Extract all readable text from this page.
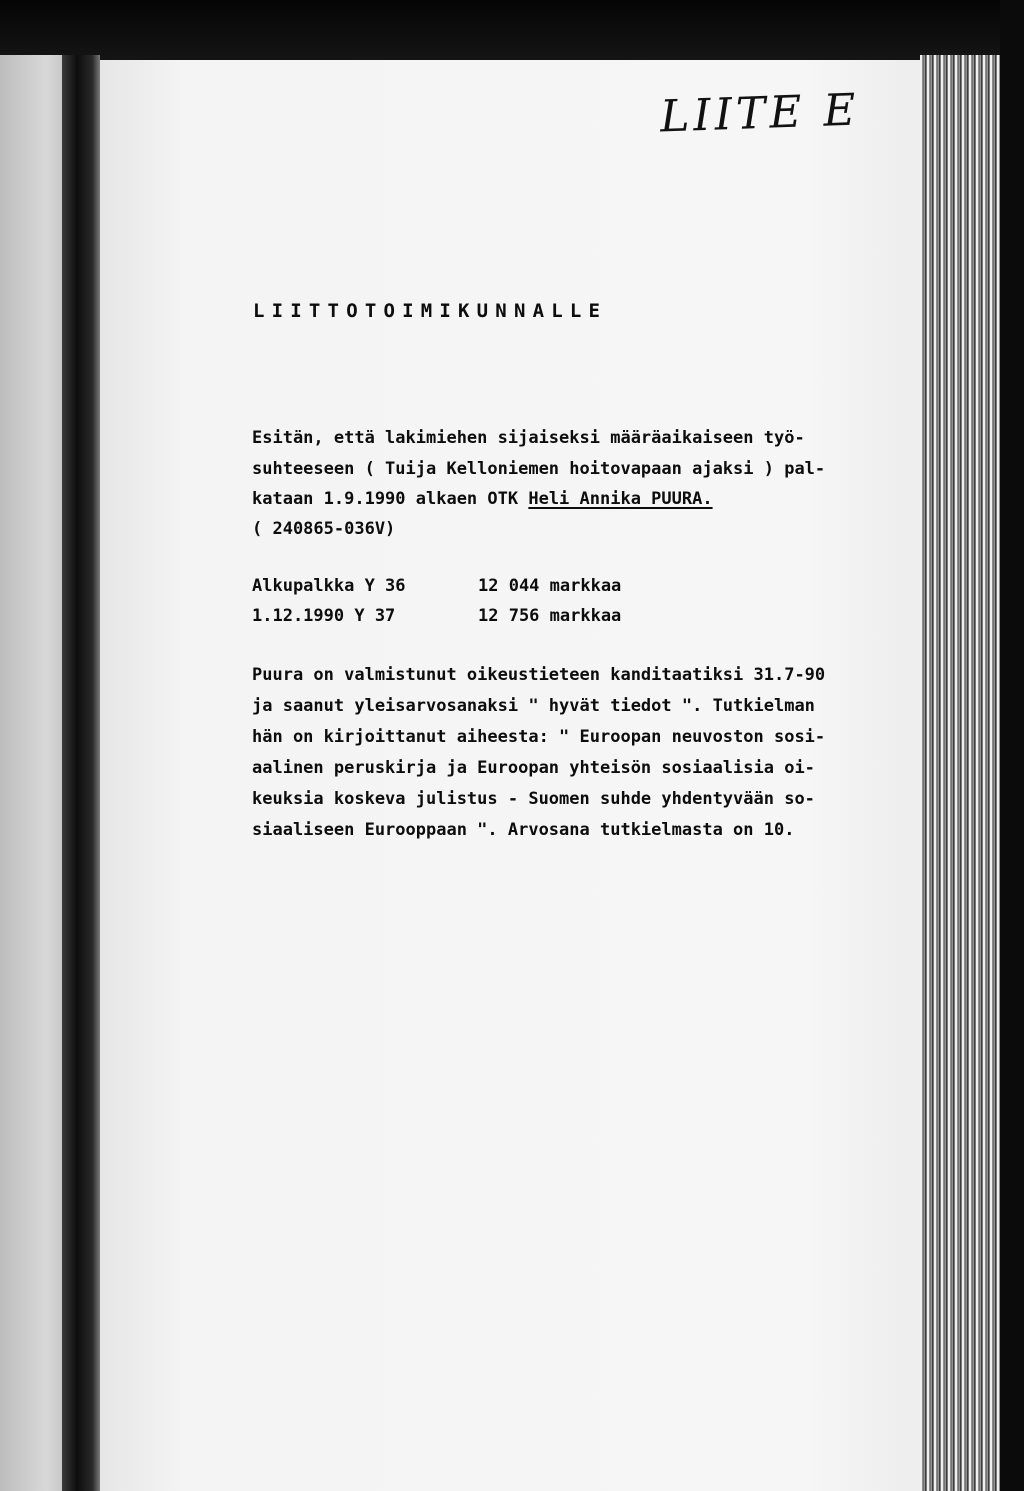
LIITE E
LIITTOTOIMIKUNNALLE
Esitän, että lakimiehen sijaiseksi määräaikaiseen työ-
suhteeseen ( Tuija Kelloniemen hoitovapaan ajaksi ) pal-
kataan 1.9.1990 alkaen OTK Heli Annika PUURA.
( 240865-036V)
Alkupalkka Y 36	12 044 markkaa
1.12.1990 Y 37	12 756 markkaa
Puura on valmistunut oikeustieteen kanditaatiksi 31.7-90
ja saanut yleisarvosanaksi " hyvät tiedot ". Tutkielman
hän on kirjoittanut aiheesta: " Euroopan neuvoston sosi-
aalinen peruskirja ja Euroopan yhteisön sosiaalisia oi-
keuksia koskeva julistus - Suomen suhde yhdentyvään so-
siaaliseen Eurooppaan ". Arvosana tutkielmasta on 10.
